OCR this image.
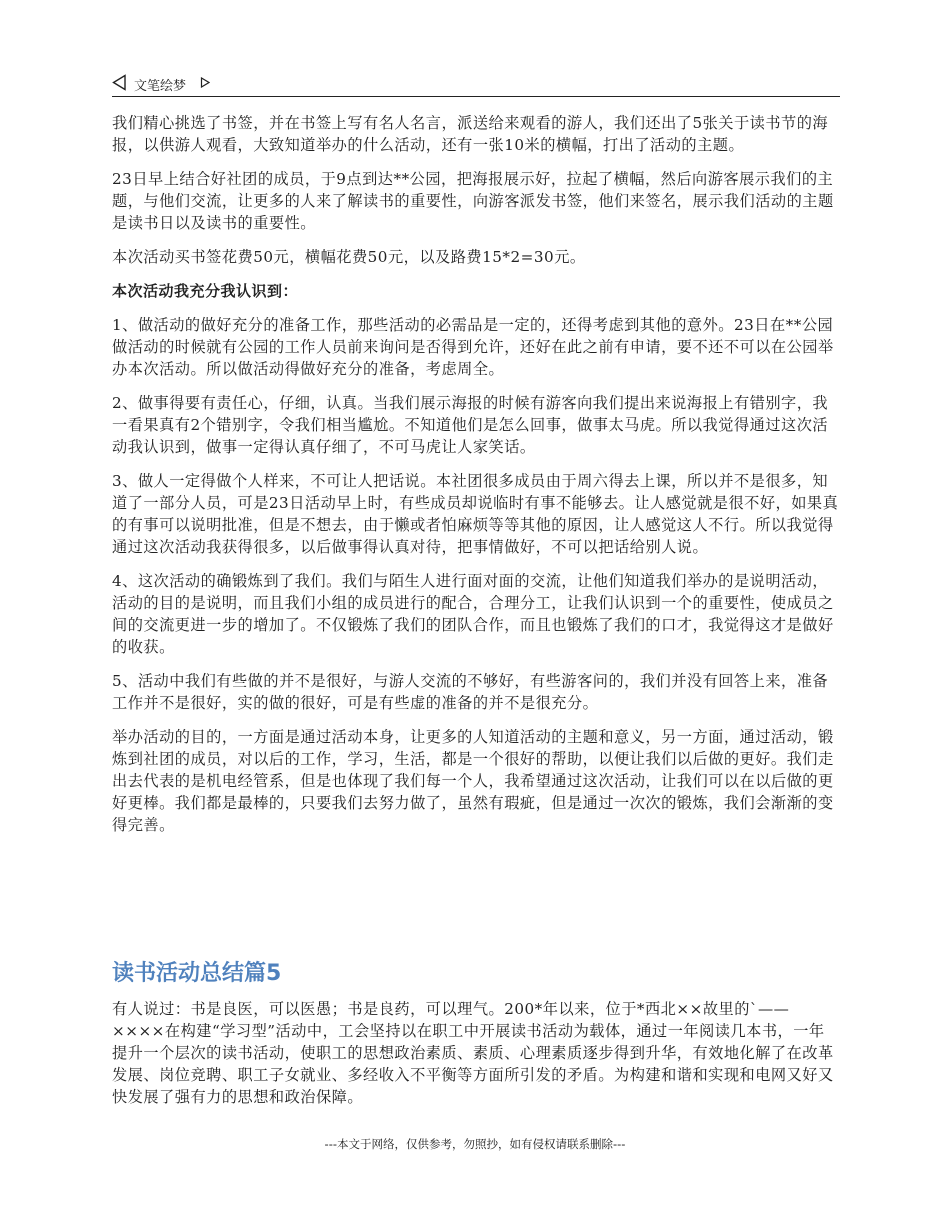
文笔绘梦

我们精心挑选了书签，并在书签上写有名人名言，派送给来观看的游人，我们还出了5张关于读书节的海报，以供游人观看，大致知道举办的什么活动，还有一张10米的横幅，打出了活动的主题。

23日早上结合好社团的成员，于9点到达**公园，把海报展示好，拉起了横幅，然后向游客展示我们的主题，与他们交流，让更多的人来了解读书的重要性，向游客派发书签，他们来签名，展示我们活动的主题是读书日以及读书的重要性。

本次活动买书签花费50元，横幅花费50元，以及路费15*2=30元。

本次活动我充分我认识到：

1、做活动的做好充分的准备工作，那些活动的必需品是一定的，还得考虑到其他的意外。23日在**公园做活动的时候就有公园的工作人员前来询问是否得到允许，还好在此之前有申请，要不还不可以在公园举办本次活动。所以做活动得做好充分的准备，考虑周全。

2、做事得要有责任心，仔细，认真。当我们展示海报的时候有游客向我们提出来说海报上有错别字，我一看果真有2个错别字，令我们相当尴尬。不知道他们是怎么回事，做事太马虎。所以我觉得通过这次活动我认识到，做事一定得认真仔细了，不可马虎让人家笑话。

3、做人一定得做个人样来，不可让人把话说。本社团很多成员由于周六得去上课，所以并不是很多，知道了一部分人员，可是23日活动早上时，有些成员却说临时有事不能够去。让人感觉就是很不好，如果真的有事可以说明批准，但是不想去，由于懒或者怕麻烦等等其他的原因，让人感觉这人不行。所以我觉得通过这次活动我获得很多，以后做事得认真对待，把事情做好，不可以把话给别人说。

4、这次活动的确锻炼到了我们。我们与陌生人进行面对面的交流，让他们知道我们举办的是说明活动，活动的目的是说明，而且我们小组的成员进行的配合，合理分工，让我们认识到一个的重要性，使成员之间的交流更进一步的增加了。不仅锻炼了我们的团队合作，而且也锻炼了我们的口才，我觉得这才是做好的收获。

5、活动中我们有些做的并不是很好，与游人交流的不够好，有些游客问的，我们并没有回答上来，准备工作并不是很好，实的做的很好，可是有些虚的准备的并不是很充分。

举办活动的目的，一方面是通过活动本身，让更多的人知道活动的主题和意义，另一方面，通过活动，锻炼到社团的成员，对以后的工作，学习，生活，都是一个很好的帮助，以便让我们以后做的更好。我们走出去代表的是机电经管系，但是也体现了我们每一个人，我希望通过这次活动，让我们可以在以后做的更好更棒。我们都是最棒的，只要我们去努力做了，虽然有瑕疵，但是通过一次次的锻炼，我们会渐渐的变得完善。

读书活动总结篇5
有人说过：书是良医，可以医愚；书是良药，可以理气。200*年以来，位于*西北××故里的`——××××在构建“学习型”活动中，工会坚持以在职工中开展读书活动为载体，通过一年阅读几本书，一年提升一个层次的读书活动，使职工的思想政治素质、素质、心理素质逐步得到升华，有效地化解了在改革发展、岗位竞聘、职工子女就业、多经收入不平衡等方面所引发的矛盾。为构建和谐和实现和电网又好又快发展了强有力的思想和政治保障。
---本文于网络，仅供参考，勿照抄，如有侵权请联系删除---
